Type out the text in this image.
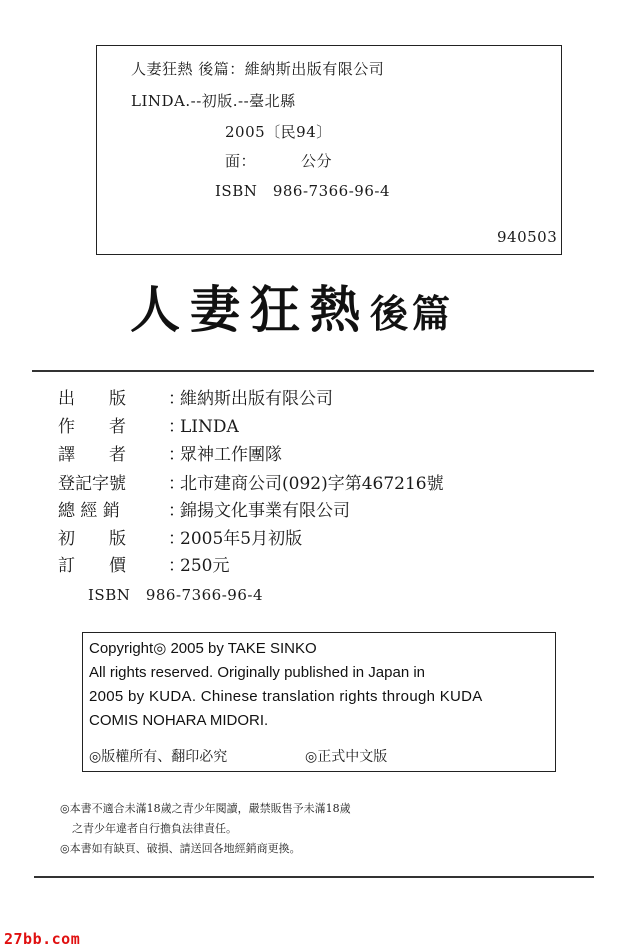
人妻狂熱 後篇：維納斯出版有限公司
LINDA.--初版.--臺北縣
2005〔民94〕
面：	公分
ISBN　986-7366-96-4
940503
人妻狂熱後篇
出　　版 ：維納斯出版有限公司
作　　者 ：LINDA
譯　　者 ：眾神工作團隊
登記字號 ：北市建商公司(092)字第467216號
總 經 銷	：錦揚文化事業有限公司
初　　版 ：2005年5月初版
訂　　價 ：250元
ISBN　986-7366-96-4
Copyright◎ 2005 by TAKE SINKO
All rights reserved. Originally published in Japan in
2005 by KUDA. Chinese translation rights through KUDA
COMIS NOHARA MIDORI.
◎版權所有、翻印必究	◎正式中文版
◎本書不適合未滿18歲之青少年閱讀，嚴禁販售予未滿18歲
之青少年違者自行擔負法律責任。
◎本書如有缺頁、破損、請送回各地經銷商更換。
27bb.com
